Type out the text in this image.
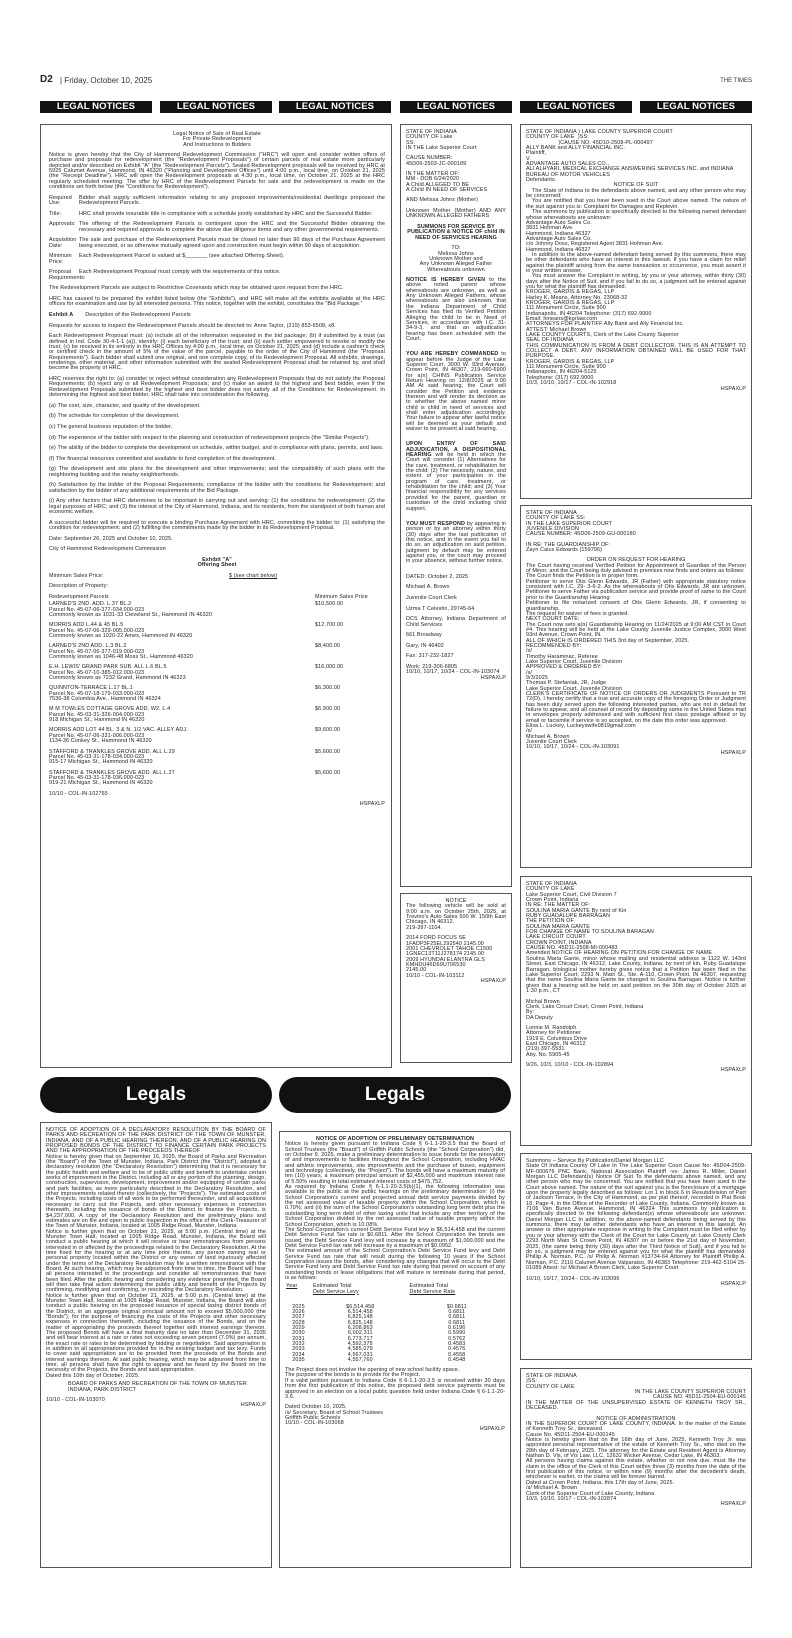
D2 | Friday, October 10, 2025	THE TIMES
LEGAL NOTICES	LEGAL NOTICES	LEGAL NOTICES	LEGAL NOTICES	LEGAL NOTICES	LEGAL NOTICES
Legal Notice of Sale of Real Estate
For Private Redevelopment
And Instructions to Bidders

Notice is given hereby that the City of Hammond Redevelopment Commission ("HRC") will open and consider written offers of purchase and proposals for redevelopment (the "Redevelopment Proposals") of certain parcels of real estate more particularly depicted and/or described on Exhibit "A" (the "Redevelopment Parcels"). Sealed Redevelopment proposals will be received by HRC at 5925 Calumet Avenue, Hammond, IN 46320 ("Planning and Development Offices") until 4:00 p.m., local time, on October 21, 2025 (the "Receipt Deadline"). HRC will open the Redevelopment proposals at 4:30 p.m., local time, on October 21, 2025 at the HRC regularly scheduled meeting. The offer by HRC of the Redevelopment Parcels for sale and the redevelopment is made on the conditions set forth below (the "Conditions for Redevelopment").

Required Use:
Bidder shall supply sufficient information relating to any proposed improvements/residential dwellings proposed the Redevelopment Parcels.
Title:	HRC shall provide insurable title in compliance with a schedule jointly established by HRC and the Successful Bidder.
Approvals: The offering of the Redevelopment Parcels is contingent upon the HRC and the Successful Bidder obtaining the necessary and required approvals to complete the above due diligence items and any other governmental requirements.
Acquisition Date:
The sale and purchase of the Redevelopment Parcels must be closed no later than 90 days of the Purchase Agreement being executed, or as otherwise mutually agreed upon and construction must begin within 90 days of acquisition.
Minimum Price:
Each Redevelopment Parcel is valued at $_______ (see attached Offering Sheet).
Proposal Requirements:
Each Redevelopment Proposal must comply with the requirements of this notice.

The Redevelopment Parcels are subject to Restrictive Covenants which may be obtained upon request from the HRC.

HRC has caused to be prepared the exhibit listed below (the "Exhibits"), and HRC will make all the exhibits available at the HRC offices for examination and use by all interested persons. This notice, together with the exhibit, constitutes the "Bid Package."

Exhibit A Description of the Redevelopment Parcels

Requests for access to inspect the Redevelopment Parcels should be directed to: Anne Taylor, (219) 853-6508, x8.

Each Redevelopment Proposal must: (a) include all of the information requested in the bid package; (b) if submitted by a trust (as defined in Ind. Code 30-4-1-1 (a)), identify: (i) each beneficiary of the trust; and (ii) each settler empowered to revoke or modify the trust; (c) be received in its entirety in the HRC Offices by 4:00 p.m., local time, on October 21, 2025; and (d) include a cashier's check or certified check in the amount of 5% of the value of the parcel, payable to the order of the City of Hammond (the "Proposal Requirements"). Each bidder shall submit one original, and one complete copy, of its Redevelopment Proposal. All exhibits, drawings, renderings, other material, and other information submitted with the sealed Redevelopment Proposal shall be retained by, and shall become the property of HRC.

HRC reserves the right to: (a) consider or reject without consideration any Redevelopment Proposals that do not satisfy the Proposal Requirements; (b) reject any or all Redevelopment Proposals; and (c) make an award to the highest and best bidder, even if the Redevelopment Proposals submitted by the highest and best bidder does not satisfy all of the Conditions for Redevelopment. In determining the highest and best bidder, HRC shall take into consideration the following.

(a) The cost, size, character, and quality of the development.

(b) The schedule for completion of the development.

(c) The general business reputation of the bidder.

(d) The experience of the bidder with respect to the planning and construction of redevelopment projects (the "Similar Projects").

(e) The ability of the bidder to complete the development on schedule, within budget, and in compliance with plans, permits, and laws.

(f) The financial resources committed and available to fund completion of the development.

(g) The development and site plans for the development and other improvements; and the compatibility of such plans with the neighboring building and the nearby neighborhoods.

(h) Satisfaction by the bidder of the Proposal Requirements; compliance of the bidder with the conditions for Redevelopment; and satisfaction by the bidder of any additional requirements of the Bid Package.

(i) Any other factors that HRC determines to be important in carrying out and serving: (1) the conditions for redevelopment; (2) the legal purposes of HRC; and (3) the interest of the City of Hammond, Indiana, and its residents, from the standpoint of both human and economic welfare.

A successful bidder will be required to execute a binding Purchase Agreement with HRC, committing the bidder to: (1) satisfying the condition for redevelopment; and (2) fulfilling the commitments made by the bidder in its Redevelopment Proposal.

Date: September 26, 2025 and October 10, 2025.

City of Hammond Redevelopment Commission

Exhibit "A"
Offering Sheet

Minimum Sales Price:	$ (see chart below)

Description of Property:

Redevelopment Parcels	Minimum Sales Price
LARNED'S 2ND. ADD. L.37 BL.2	$10,500.00
Parcel No. 45-07-06-377-034.000-023
Commonly known as 1031-33 Cleveland St., Hammond IN 46320
MORRIS ADD L.44 & 45 BL.5	$12,700.00
Parcel No. 45-07-06-329-005.000-023
Commonly known as 1020-22 Ames, Hammond IN 46320
LARNED'S 2ND ADD. L.3 BL.2	$8,400.00
Parcel No. 45-07-06-377-019.000-023
Commonly known as 1046-48 Moss St., Hammond 46320
E.H. LEWIS' GRAND PARK SUB. ALL L.6 BL.5	$16,000.00
Parcel No. 45-07-10-385-012.000-023
Commonly known as 7232 Grand, Hammond IN 46323
QUINNTON-TERRACE L.17 BL.1	$6,300.00
Parcel No. 45-07-18-179-033.000-023
7536-38 Columbia Ave., Hammond IN 46324
M M TOWLES COTTAGE GROVE ADD. W2. L.4	$6,900.00
Parcel No. 45-03-31-326-004.000-023
918 Michigan St., Hammond IN 46320
MORRIS ADD LOT 44 BL. 3 & N. 1/2 VAC. ALLEY ADJ.	$9,600.00
Parcel No. 45-07-06-331-006.000-023
1134-36 Conkey St., Hammond IN 46320
STAFFORD & TRANKLES GROVE ADD. ALL L.29	$5,600.00
Parcel No. 45-03-31-178-034.000-023
915-17 Michigan St., Hammond IN 46320
STAFFORD & TRANKLES GROVE ADD. ALL L.27	$5,600.00
Parcel No. 45-03-31-178-036.000-023
919-21 Michigan St., Hammond IN 46320

10/10 - COL-IN-102765

HSPAXLP
STATE OF INDIANA
COUNTY OF Lake
SS:
IN THE Lake Superior Court
CAUSE NUMBER:
45D06-2503-JC-000189
IN THE MATTER OF:
MM - DOB 6/24/2020
A Child ALLEGED TO BE
A Child IN NEED OF SERVICES

AND Melissa Johns (Mother)

Unknown Mother (Mother) AND ANY UNKNOWN ALLEGED FATHERS

SUMMONS FOR SERVICE BY PUBLICATION & NOTICE OF child IN NEED OF SERVICES HEARING

TO:
Melissa Johns
Unknown Mother and
Any Unknown Alleged Father
Whereabouts unknown

NOTICE IS HEREBY GIVEN to the above noted parent whose whereabouts are unknown, as well as Any Unknown Alleged Fathers, whose whereabouts are also unknown, that the Indiana Department of Child Services has filed its Verified Petition Alleging the child to be in Need of Services, in accordance with I.C. 31-34-9-3, and that an adjudication hearing has been scheduled with the Court.

YOU ARE HEREBY COMMANDED to appear before the Judge of the Lake Superior Court, 3000 W. 93rd Avenue, Crown Point, IN 46307, 219-660-6900 for a(n) CHINS Publication Service Return Hearing on 12/8/2025 at 9:00 AM At said hearing, the Court will consider the Petition and evidence thereon and will render its decision as to whether the above named minor child is child in need of services and shall enter adjudication accordingly. Your failure to appear after lawful notice will be deemed as your default and waiver to be present at said hearing.

UPON ENTRY OF SAID ADJUDICATION, A DISPOSITIONAL HEARING will be held in which the Court will consider (1) Alternatives for the care, treatment, or rehabilitation for the child; (2) The necessity, nature, and extent of your participation in the program of care, treatment, or rehabilitation for the child; and (3) Your financial responsibility for any services provided for the parent, guardian or custodian of the child including child support.

YOU MUST RESPOND by appearing in person or by an attorney within thirty (30) days after the last publication of this notice, and in the event you fail to do so, an adjudication on said petition, judgment by default may be entered against you, or the court may proceed in your absence, without further notice.

DATED: October 2, 2025

Michael A. Brown

Juvenile Court Clerk

Uzma T Celestin, 29745-64

DCS Attorney, Indiana Department of Child Services

661 Broadway

Gary, IN 46402

Fax: 317-232-1827

Work: 219-306-6805
10/10, 10/17, 10/24 - COL-IN-103074
HSPAXLP
NOTICE
The following vehicle will be sold at 9:00 a.m. on October 25th, 2025, at Trevino's Auto Sales 500 W. 150th East Chicago, IN 46312.

219-397-1104.

2014 FORD FOCUS SE
1FADP3F25EL292540 2145.00
2001 CHEVROLET TAHOE C1500
1GNEC13T11J278174 2145.00
2009 HYUNDAI ELANTRA GLS
KMHDU46D69U706530
2145.00
10/10 - COL-IN-103112
HSPAXLP
STATE OF INDIANA ) LAKE COUNTY SUPERIOR COURT
COUNTY OF LAKE  )SS:
)CAUSE NO: 45D10-2508-PL-000497
ALLY BANK and ALLY FINANCIAL INC.
Plaintiff,
V.
ADVANTAGE AUTO SALES CO.,
ALI ALHYARI, MEDICAL EXCHANGE ANSWERING SERVICES INC. and INDIANA BUREAU OF MOTOR VEHICLES
Defendants.
NOTICE OF SUIT
The State of Indiana to the defendants above named, and any other person who may be concerned:
You are notified that you have been sued in the Court above named. The nature of the suit against you is: Complaint for Damages and Replevin.
The summons by publication is specifically directed to the following named defendant whose whereabouts are unknown:
Advantage Auto Sales Co.
3831 Hohman Ave.
Hammond, Indiana 46327
Advantage Auto Sales Co.
c/o Johnny Doss, Registered Agent 3831 Hohman Ave.
Hammond, Indiana 46327
In addition to the above-named defendant being served by this summons, there may be other defendants who have an interest in this lawsuit. If you have a claim for relief against the plaintiff arising from the same transaction or occurrence, you must assert it in your written answer.
You must answer the Complaint in writing, by you or your attorney, within thirty (30) days after the Notice of Suit, and if you fail to do so, a judgment will be entered against you for what the plaintiff has demanded.
KROGER, GARDIS & REGAS, LLP
Harley K. Means, Attorney No. 23068-32
KROGER, GARDIS & REGAS, LLP
111 Monument Circle, Suite 900
Indianapolis, IN 46204 Telephone: (317) 692-9000
Email: hmeans@kgrlaw.com
ATTORNEYS FOR PLAINTIFF Ally Bank and Ally Financial Inc.
ATTEST: Michael Brown
LAKE COUNTY COURTS, Clerk of the Lake County Superior
SEAL OF INDIANA
THIS COMMUNICATION IS FROM A DEBT COLLECTOR. THIS IS AN ATTEMPT TO COLLECT A DEBT. ANY INFORMATION OBTAINED WILL BE USED FOR THAT PURPOSE.
KROGER, GARDIS & REGAS, LLP
111 Monument Circle, Suite 900
Indianapolis, IN 46204-5125
Telephone: (317) 692.9000
10/3, 10/10, 10/17 - COL-IN-102918
HSPAXLP
STATE OF INDIANA
COUNTY OF LAKE SS:
IN THE LAKE SUPERIOR COURT
JUVENILE DIVISION
CAUSE NUMBER: 45D06-2509-GU-000180
IN RE: THE GUARDIANSHIP OF:
Zayn Caius Edwards (159796)
ORDER ON REQUEST FOR HEARING
The Court having received Verified Petition for Appointment of Guardian of the Person of Minor, and the Court being duly advised in premises now finds and orders as follows:
The Court finds the Petition is in proper form.
Petitioner to serve Otis Glenn Edwards, JR (Father) with appropriate statutory notice consistent with I.C. 29- 3-6-2. As the whereabouts of Otis Edwards, JR are unknown, Petitioner to serve Father via publication service and provide proof of same to the Court prior to the Guardianship Hearing.
Petitioner to file notarized consent of Otis Glenn Edwards, JR, if consenting to guardianship.
The request for waiver of fees is granted.
NEXT COURT DATE:
The Court now sets a(n) Guardianship Hearing on 11/24/2025 at 9:00 AM CST in Court #4. This hearing will be held at the Lake County Juvenile Justice Complex, 3000 West 93rd Avenue, Crown Point, IN.
ALL OF WHICH IS ORDERED THIS 3rd day of September, 2025.
RECOMMENDED BY:
/s/
Timothy Haraminac, Referee
Lake Superior Court, Juvenile Division
APPROVED & ORDERED BY:
/s/
9/3/2025
Thomas P. Stefaniak, JR, Judge
Lake Superior Court, Juvenile Division
CLERK'S CERTIFICATE OF NOTICE OF ORDERS OR JUDGMENTS Pursuant to TR 72(D), I hereby certify that a true and accurate copy of the foregoing Order or Judgment has been duly served upon the following interested parties, who are not in default for failure to appear, and all counsel of record by depositing same in the United States mail in envelopes properly addressed and with sufficient first class postage affixed or by email or facsimile if service is so accepted, on the date this order was approved:
Elisa L. Luckey, Luckeyswife0819gmail.com
/s/
Michael A. Brown
Juvenile Court Clerk
10/10, 10/17, 10/24 - COL-IN-103091
HSPAXLP
STATE OF INDIANA
COUNTY OF LAKE
Lake Superior Court, Civil Division 7
Crown Point, Indiana
IN RE: THE MATTER OF:
SOULINA MARIA GANTE By next of Kin
RUBY GUADALUPE BARRAGAN
THE PETITION OF
SOULINA MARIA GANTE
FOR CHANGE OF NAME TO SOULINA BARAGAN
LAKE CIRCUIT COURT
CROWN POINT, INDIANA
CAUSE NO. 45D11-2508-MI-000483
Amended NOTICE OF HEARING ON PETITION FOR CHANGE OF NAME

Soulina Maria Gante, minor whose mailing and residential address is 1122 W. 143rd Street, East Chicago, IN 46312, Lake County, Indiana, by next of kin, Ruby Guadalupe Barragan, biological mother hereby gives notice that a Petition has been filed in the Lake Superior Court, 2293 N. Main St., Ste. A-110, Crown Point, IN 46307, requesting that the name Soulina Maria Gante be changed to Soulina Barragan. Notice is further given that a hearing will be held on said petition on the 30th day of October 2025 at 1:30 p.m., CT

Michal Brown
Clerk, Lake Circuit Court, Crown Point, Indiana
By:
DA Deputy
Lonnie M. Randolph
Attorney for Petitioner
1919 E. Columbus Drive
East Chicago, IN 46312
(219) 397-5531
Atty. No. 5905-45
9/26, 10/3, 10/10 - COL-IN-102894
HSPAXLP
Summons – Service By Publication/Daniel Morgan LLC

State Of Indiana County Of Lake In The Lake Superior Court Cause No: 45D04-2509-MF-000676 PNC Bank, National Association Plaintiff -vs- James R. Miller, Daniel Morgan LLC Defendant(s) Notice Of Suit To the defendants above named, and any other person who may be concerned. You are notified that you have been sued in the Court above named. The nature of the suit against you is the foreclosure of a mortgage upon the property legally described as follows: Lot 1 in block 6 in Resubdivision of Part of Jackson Terrace, in the City of Hammond, as per plat thereof, recorded in Plat Book 18, Page 4, in the Office of the Recorder of Lake County, Indiana. Commonly known as: 7106 Van Buren Avenue, Hammond, IN 46324 This summons by publication is specifically directed to the following defendant(s) whose whereabouts are unknown: Daniel Morgan LLC In addition, to the above-named defendants being served by this summons, there may be other defendants who have an interest in this lawsuit. An answer or other appropriate response in writing to the Complaint must be filed either by you or your attorney with the Clerk of the Court for Lake County at: Lake County Clerk 2293 North Main St Crown Point, IN 46307 on or before the 21st day of November, 2025, (the same being thirty (30) days after the Third Notice of Suit), and if you fail to do so, a judgment may be entered against you for what the plaintiff has demanded. Phillip A. Norman, P.C. /s/ Philip A. Norman #13734-64 Attorney for Plaintiff Phillip A. Norman, P.C. 2110 Calumet Avenue Valparaiso, IN 46383 Telephone: 219-462-5104 25-01089 Attest: /s/ Michael A Brown Clerk, Lake Superior Court

10/10, 10/17, 10/24 - COL-IN-103096
HSPAXLP
STATE OF INDIANA
)SS:
COUNTY OF LAKE
IN THE LAKE COUNTY SUPERIOR COURT
CAUSE NO. 45D11-2504-EU-000145

IN THE MATTER OF THE UNSUPERVISED ESTATE OF KENNETH TROY SR., DECEASED.

NOTICE OF ADMINISTRATION
IN THE SUPERIOR COURT OF LAKE COUNTY, INDIANA. In the matter of the Estate of Kenneth Troy Sr., deceased.
Cause No. 45D11-2504-EU-000145
Notice is hereby given that on the 16th day of June, 2025, Kenneth Troy Jr. was appointed personal representative of the estate of Kenneth Troy Sr., who died on the 28th day of February, 2025. The attorney for the Estate and Resident Agent is Attorney Nathan D. Vis, of Vis Law, LLC, 12632 Wicker Avenue, Cedar Lake, IN 46303.
All persons having claims against this estate, whether or not now due, must file the claim in the office of the Clerk of this Court within three (3) months from the date of the first publication of this notice, or within nine (9) months after the decedent's death, whichever is earlier, or the claims will be forever barred.
Dated at Crown Point, Indiana, this 17th day of June, 2025.
/s/ Michael A. Brown
Clerk of the Superior Court of Lake County, Indiana
10/3, 10/10, 10/17 - COL-IN-102874
HSPAXLP
Legals	Legals
NOTICE OF ADOPTION OF A DECLARATORY RESOLUTION BY THE BOARD OF PARKS AND RECREATION OF THE PARK DISTRICT OF THE TOWN OF MUNSTER, INDIANA, AND OF A PUBLIC HEARING THEREON, AND OF A PUBLIC HEARING ON PROPOSED BONDS OF THE DISTRICT TO FINANCE CERTAIN PARK PROJECTS AND THE APPROPRIATION OF THE PROCEEDS THEREOF
Notice is hereby given that on September 16, 2025, the Board of Parks and Recreation (the "Board") of the Town of Munster, Indiana, Park District (the "District"), adopted a declaratory resolution (the "Declaratory Resolution") determining that it is necessary for the public health and welfare and to be of public utility and benefit to undertake certain works of improvement in the District, including all or any portion of the planning, design, construction, supervision, development, improvement and/or equipping of certain parks and park facilities, as more particularly described in the Declaratory Resolution, and other improvements related thereto (collectively, the "Projects"). The estimated costs of the Projects, including costs of all work to be performed thereunder, and all acquisitions necessary to carry out the Projects, and other necessary expenses in connection therewith, including the issuance of bonds of the District to finance the Projects, is $4,237,000. A copy of the Declaratory Resolution and the preliminary plans and estimates are on file and open to public inspection in the office of the Clerk-Treasurer of the Town of Munster, Indiana, located at 1005 Ridge Road, Munster, Indiana.
Notice is further given that on October 21, 2025, at 5:00 p.m. (Central time) at the Munster Town Hall, located at 1005 Ridge Road, Munster, Indiana, the Board will conduct a public hearing at which it will receive or hear remonstrances from persons interested in or affected by the proceedings related to the Declaratory Resolution. At the time fixed for the hearing or at any time prior thereto, any person owning real or personal property located within the District or any owner of land injuriously affected under the terms of the Declaratory Resolution may file a written remonstrance with the Board. At such hearing, which may be adjourned from time to time, the Board will hear all persons interested in the proceedings and consider all remonstrances that have been filed. After the public hearing and considering any evidence presented, the Board will then take final action determining the public utility and benefit of the Projects by confirming, modifying and confirming, or rescinding the Declaratory Resolution.
Notice is further given that on October 21, 2025, at 5:00 p.m. (Central time) at the Munster Town Hall, located at 1005 Ridge Road, Munster, Indiana, the Board will also conduct a public hearing on the proposed issuance of special taxing district bonds of the District, in an aggregate original principal amount not to exceed $5,000,000 (the "Bonds"), for the purpose of financing the costs of the Projects and other necessary expenses in connection therewith, including the issuance of the Bonds, and on the matter of appropriating the proceeds thereof together with interest earnings thereon. The proposed Bonds will have a final maturity date no later than December 31, 2035 and will bear interest at a rate or rates not exceeding seven percent (7.0%) per annum, the exact rate or rates to be determined by bidding or negotiation. Said appropriation is in addition to all appropriations provided for in the existing budget and tax levy. Funds to cover said appropriation are to be provided from the proceeds of the Bonds and interest earnings thereon. At said public hearing, which may be adjourned from time to time, all persons shall have the right to appear and be heard by the Board on the necessity of the Projects, the Bonds and said appropriation.
Dated this 10th day of October, 2025.
BOARD OF PARKS AND RECREATION OF THE TOWN OF MUNSTER
INDIANA, PARK DISTRICT
10/10 - COL-IN-103070
HSPAXLP
NOTICE OF ADOPTION OF PRELIMINARY DETERMINATION
Notice is hereby given pursuant to Indiana Code § 6-1.1-20-3.5 that the Board of School Trustees (the "Board") of Griffith Public Schools (the "School Corporation") did, on October 9, 2025, make a preliminary determination to issue bonds for the renovation of and improvements to facilities throughout the School Corporation, including HVAC and athletic improvements, site improvements and the purchase of buses, equipment and technology (collectively, the "Project"). The bonds will have a maximum maturity of ten (10) years, a maximum principal amount of $2,455,000 and maximum interest rate of 5.50% resulting in total estimated interest costs of $475,752.
As required by Indiana Code § 6-1.1-20-3.5(b)(1), the following information was available to the public at the public hearings on the preliminary determination: (i) the School Corporation's current and projected annual debt service payments divided by the net assessed value of taxable property within the School Corporation, which is 0.70%; and (ii) the sum of the School Corporation's outstanding long term debt plus the outstanding long term debt of other taxing units that include any other territory of the School Corporation divided by the net assessed value of taxable property within the School Corporation, which is 10.08%.
The School Corporation's current Debt Service Fund levy is $6,514,458 and the current Debt Service Fund Tax rate is $0.6811. After the School Corporation the bonds are issued, the Debt Service Fund levy will increase by a maximum of $1,000,000 and the Debt Service Fund tax rate will increase by a maximum of $0.0952.
The estimated amount of the School Corporation's Debt Service Fund levy and Debt Service Fund tax rate that will result during the following 10 years if the School Corporation issues the bonds, after considering any changes that will occur to the Debt Service Fund levy and Debt Service Fund tax rate during that period on account of any outstanding bonds or lease obligations that will mature or terminate during that period, is as follows:
Year	Estimated Total
Debt Service Levy	Estimated Total
Debt Service Rate
2025	$6,514,458	$0.6811
2026	6,514,458	0.6811
2027	6,825,148	0.6811
2028	6,825,148	0.6811
2029	6,208,863	0.6196
2030	6,002,311	0.5990
2031	6,773,717	0.5762
2032	4,592,375	0.4583
2033	4,585,079	0.4576
2034	4,567,031	0.4558
2035	4,557,760	0.4548
The Project does not involve the opening of new school facility space.
The purpose of the bonds is to provide for the Project.
If a valid petition pursuant to Indiana Code § 6-1.1-20-3.5 is received within 30 days from the first publication of this notice, the proposed debt service payments must be approved in an election on a local public question held under Indiana Code § 6-1.1-20-3.6.
Dated October 10, 2025.
/s/ Secretary, Board of School Trustees
Griffith Public Schools
10/10 - COL-IN-103068
HSPAXLP
